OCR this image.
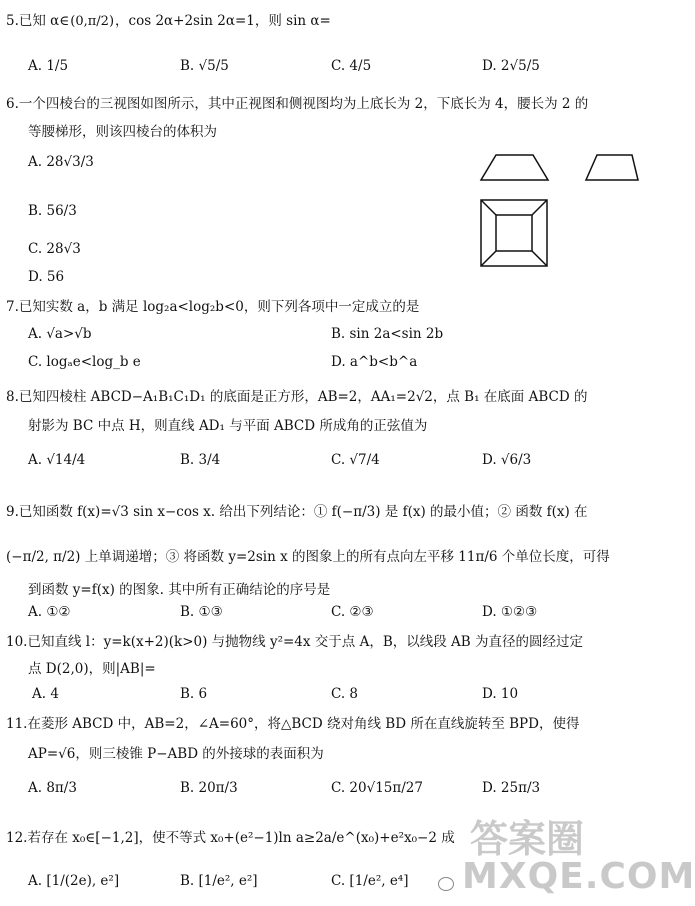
5.已知 α∈ (0,π/2) ，cos 2α+2sin 2α=1，则 sin α=
A. 1/5	B. √5/5	C. 4/5	D. 2√5/5
6.一个四棱台的三视图如图所示，其中正视图和侧视图均为上底长为 2，下底长为 4，腰长为 2 的
等腰梯形，则该四棱台的体积为
A. 28√3/3
B. 56/3
C. 28√3
D. 56
7.已知实数 a，b 满足 log₂a<log₂b<0，则下列各项中一定成立的是
A. √a>√b	B. sin 2a<sin 2b
C. logₐe<log_b e	D. a^b<b^a
8.已知四棱柱 ABCD−A₁B₁C₁D₁ 的底面是正方形，AB=2，AA₁=2√2，点 B₁ 在底面 ABCD 的
射影为 BC 中点 H，则直线 AD₁ 与平面 ABCD 所成角的正弦值为
A. √14/4	B. 3/4	C. √7/4	D. √6/3
9.已知函数 f(x)=√3 sin x−cos x. 给出下列结论：① f(−π/3) 是 f(x) 的最小值；② 函数 f(x) 在
(−π/2, π/2) 上单调递增；③ 将函数 y=2sin x 的图象上的所有点向左平移 11π/6 个单位长度，可得
到函数 y=f(x) 的图象. 其中所有正确结论的序号是
A. ①②	B. ①③	C. ②③	D. ①②③
10.已知直线 l：y=k(x+2)(k>0) 与抛物线 y²=4x 交于点 A，B，以线段 AB 为直径的圆经过定
点 D(2,0)，则|AB|=
A. 4	B. 6	C. 8	D. 10
11.在菱形 ABCD 中，AB=2，∠A=60°，将△BCD 绕对角线 BD 所在直线旋转至 BPD，使得
AP=√6，则三棱锥 P−ABD 的外接球的表面积为
A. 8π/3	B. 20π/3	C. 20√15π/27	D. 25π/3
12.若存在 x₀∈[−1,2]，使不等式 x₀+(e²−1)ln a≥2a/e^(x₀)+e²x₀−2 成
A. [1/(2e), e²]	B. [1/e², e²]	C. [1/e², e⁴]
答案圈
MXQE.COM
